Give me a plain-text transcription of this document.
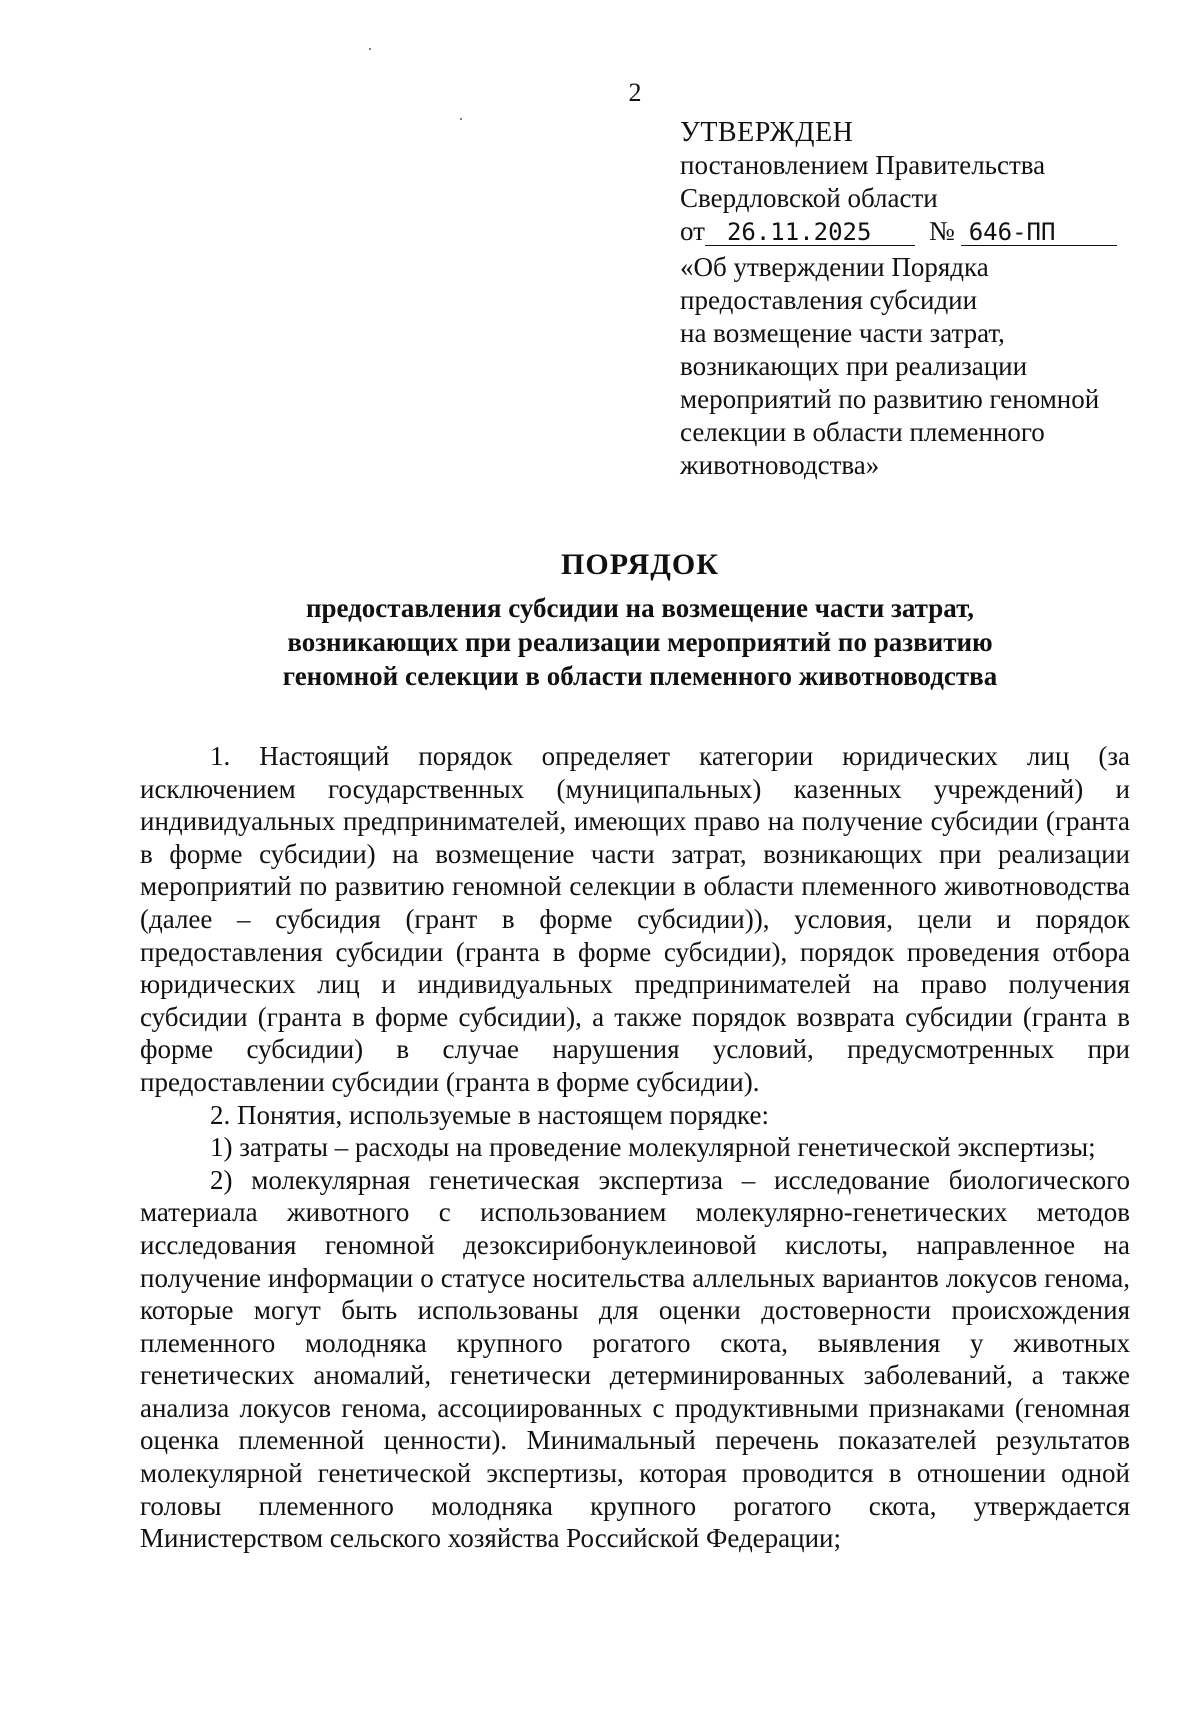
2
УТВЕРЖДЕН
постановлением Правительства
Свердловской области
от 26.11.2025 № 646-ПП
«Об утверждении Порядка
предоставления субсидии
на возмещение части затрат,
возникающих при реализации
мероприятий по развитию геномной
селекции в области племенного
животноводства»
ПОРЯДОК
предоставления субсидии на возмещение части затрат,
возникающих при реализации мероприятий по развитию
геномной селекции в области племенного животноводства

1. Настоящий порядок определяет категории юридических лиц (за исключением государственных (муниципальных) казенных учреждений) и индивидуальных предпринимателей, имеющих право на получение субсидии (гранта в форме субсидии) на возмещение части затрат, возникающих при реализации мероприятий по развитию геномной селекции в области племенного животноводства (далее – субсидия (грант в форме субсидии)), условия, цели и порядок предоставления субсидии (гранта в форме субсидии), порядок проведения отбора юридических лиц и индивидуальных предпринимателей на право получения субсидии (гранта в форме субсидии), а также порядок возврата субсидии (гранта в форме субсидии) в случае нарушения условий, предусмотренных при предоставлении субсидии (гранта в форме субсидии).

2. Понятия, используемые в настоящем порядке:

1) затраты – расходы на проведение молекулярной генетической экспертизы;

2) молекулярная генетическая экспертиза – исследование биологического материала животного с использованием молекулярно-генетических методов исследования геномной дезоксирибонуклеиновой кислоты, направленное на получение информации о статусе носительства аллельных вариантов локусов генома, которые могут быть использованы для оценки достоверности происхождения племенного молодняка крупного рогатого скота, выявления у животных генетических аномалий, генетически детерминированных заболеваний, а также анализа локусов генома, ассоциированных с продуктивными признаками (геномная оценка племенной ценности). Минимальный перечень показателей результатов молекулярной генетической экспертизы, которая проводится в отношении одной головы племенного молодняка крупного рогатого скота, утверждается Министерством сельского хозяйства Российской Федерации;
